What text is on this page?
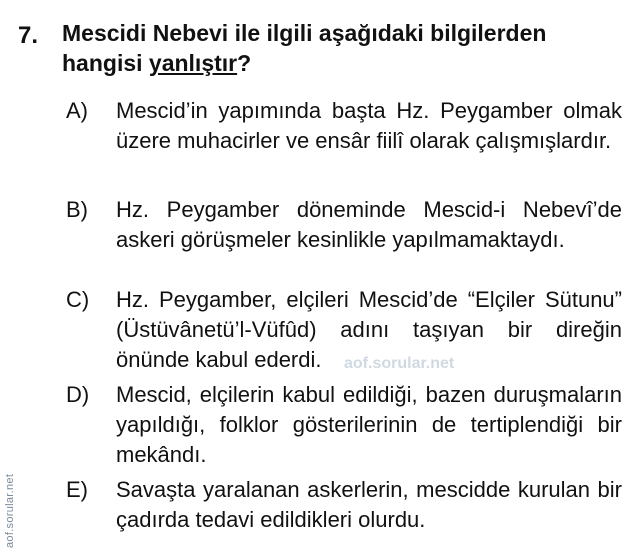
7. Mescidi Nebevi ile ilgili aşağıdaki bilgilerden hangisi yanlıştır?
A) Mescid’in yapımında başta Hz. Peygamber olmak üzere muhacirler ve ensâr fiilî olarak çalışmışlardır.
B) Hz. Peygamber döneminde Mescid-i Nebevî’de askeri görüşmeler kesinlikle yapılmamaktaydı.
C) Hz. Peygamber, elçileri Mescid’de “Elçiler Sütunu” (Üstüvânetü’l-Vüfûd) adını taşıyan bir direğin önünde kabul ederdi.
D) Mescid, elçilerin kabul edildiği, bazen duruşmaların yapıldığı, folklor gösterilerinin de tertiplendiği bir mekândı.
E) Savaşta yaralanan askerlerin, mescidde kurulan bir çadırda tedavi edildikleri olurdu.
aof.sorular.net
aof.sorular.net
